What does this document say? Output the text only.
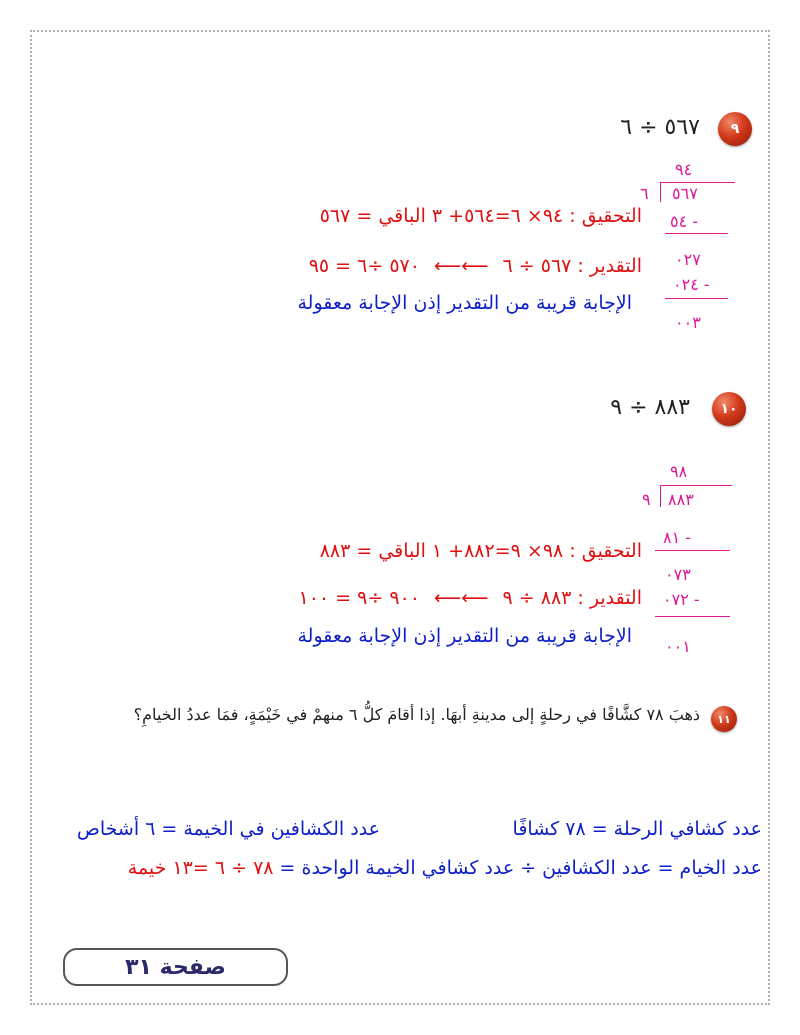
٩
٥٦٧ ÷ ٦
٩٤
٦ ٥٦٧
٥٤ -
٠٢٧
٠٢٤ -
٠٠٣
التحقيق : ٩٤× ٦=٥٦٤+ ٣ الباقي = ٥٦٧
التقدير : ٥٦٧ ÷ ٦ ⟵⟵ ٥٧٠ ÷٦ = ٩٥
الإجابة قريبة من التقدير إذن الإجابة معقولة
١٠
٨٨٣ ÷ ٩
٩٨
٩ ٨٨٣
٨١ -
٠٧٣
٠٧٢ -
٠٠١
التحقيق : ٩٨× ٩=٨٨٢+ ١ الباقي = ٨٨٣
التقدير : ٨٨٣ ÷ ٩ ⟵⟵ ٩٠٠ ÷٩ = ١٠٠
الإجابة قريبة من التقدير إذن الإجابة معقولة
١١
ذهبَ ٧٨ كشَّافًا في رحلةٍ إلى مدينةِ أبهَا. إذا أقامَ كلُّ ٦ منهمْ في خَيْمَةٍ، فمَا عددُ الخيامِ؟
عدد كشافي الرحلة = ٧٨ كشافًا
عدد الكشافين في الخيمة = ٦ أشخاص
عدد الخيام = عدد الكشافين ÷ عدد كشافي الخيمة الواحدة = ٧٨ ÷ ٦ =١٣ خيمة
صفحة ٣١
